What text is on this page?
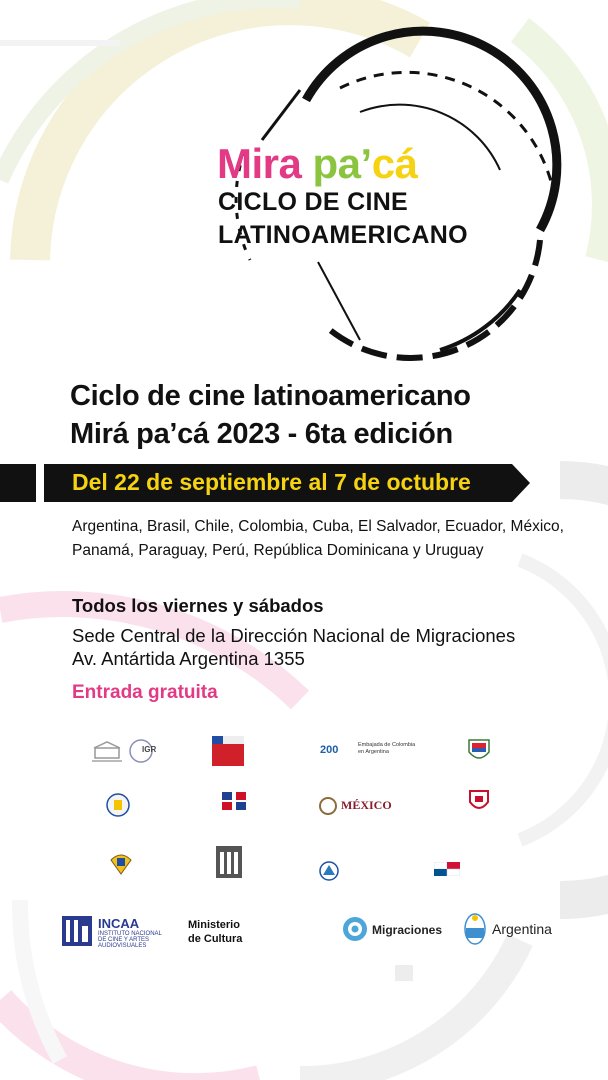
Mira pa’cá
CICLO DE CINE
LATINOAMERICANO
Ciclo de cine latinoamericano
Mirá pa’cá 2023 - 6ta edición
Del 22 de septiembre al 7 de octubre
Argentina, Brasil, Chile, Colombia, Cuba, El Salvador, Ecuador, México,
Panamá, Paraguay, Perú, República Dominicana y Uruguay
Todos los viernes y sábados
Sede Central de la Dirección Nacional de Migraciones
Av. Antártida Argentina 1355
Entrada gratuita
IGR	200	Embajada de Colombia en Argentina
MÉXICO
INCAA
INSTITUTO NACIONAL
DE CINE Y ARTES
AUDIOVISUALES
Ministerio
de Cultura
Migraciones	Argentina
